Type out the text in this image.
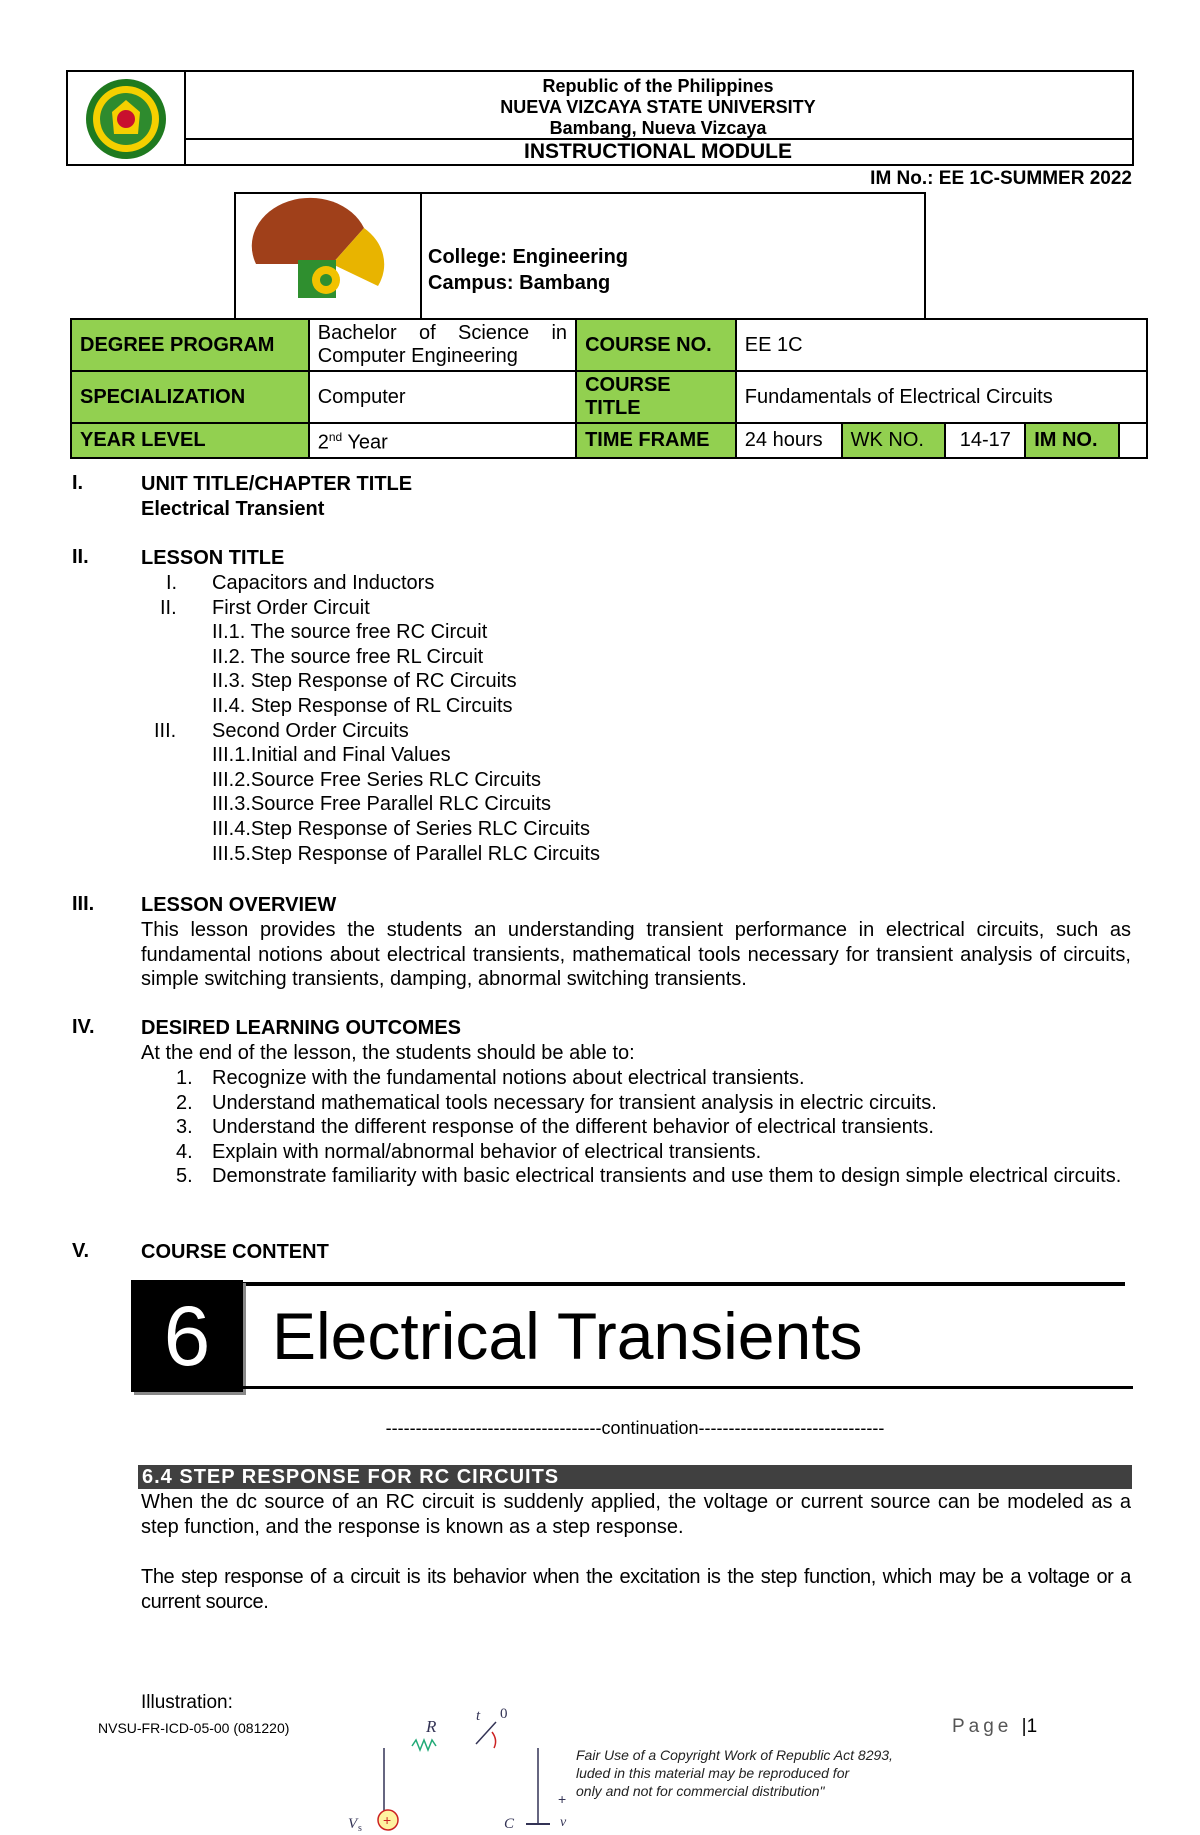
Republic of the Philippines
NUEVA VIZCAYA STATE UNIVERSITY
Bambang, Nueva Vizcaya
INSTRUCTIONAL MODULE
IM No.: EE 1C-SUMMER 2022
College: Engineering
Campus: Bambang
DEGREE PROGRAM	Bachelor of Science in Computer Engineering	COURSE NO.	EE 1C				
SPECIALIZATION	Computer	COURSE TITLE	Fundamentals of Electrical Circuits				
YEAR LEVEL	2nd Year	TIME FRAME	24 hours	WK NO.	14-17	IM NO.	
I.	UNIT TITLE/CHAPTER TITLE
Electrical Transient
II.	LESSON TITLE
I. Capacitors and Inductors
II. First Order Circuit
II.1. The source free RC Circuit
II.2. The source free RL Circuit
II.3. Step Response of RC Circuits
II.4. Step Response of RL Circuits
III. Second Order Circuits
III.1.Initial and Final Values
III.2.Source Free Series RLC Circuits
III.3.Source Free Parallel RLC Circuits
III.4.Step Response of Series RLC Circuits
III.5.Step Response of Parallel RLC Circuits
III. LESSON OVERVIEW
This lesson provides the students an understanding transient performance in electrical circuits, such as fundamental notions about electrical transients, mathematical tools necessary for transient analysis of circuits, simple switching transients, damping, abnormal switching transients.
IV. DESIRED LEARNING OUTCOMES
At the end of the lesson, the students should be able to:
1. Recognize with the fundamental notions about electrical transients.
2. Understand mathematical tools necessary for transient analysis in electric circuits.
3. Understand the different response of the different behavior of electrical transients.
4. Explain with normal/abnormal behavior of electrical transients.
5. Demonstrate familiarity with basic electrical transients and use them to design simple electrical circuits.
V.	COURSE CONTENT
6 Electrical Transients
------------------------------------continuation-------------------------------
6.4 STEP RESPONSE FOR RC CIRCUITS
When the dc source of an RC circuit is suddenly applied, the voltage or current source can be modeled as a step function, and the response is known as a step response.
The step response of a circuit is its behavior when the excitation is the step function, which may be a voltage or a current source.
Illustration:
NVSU-FR-ICD-05-00 (081220)	Page |1
Fair Use of a Copyright Work of Republic Act 8293,
luded in this material may be reproduced for
only and not for commercial distribution"
R
t 0
+
V s	C
+
v
